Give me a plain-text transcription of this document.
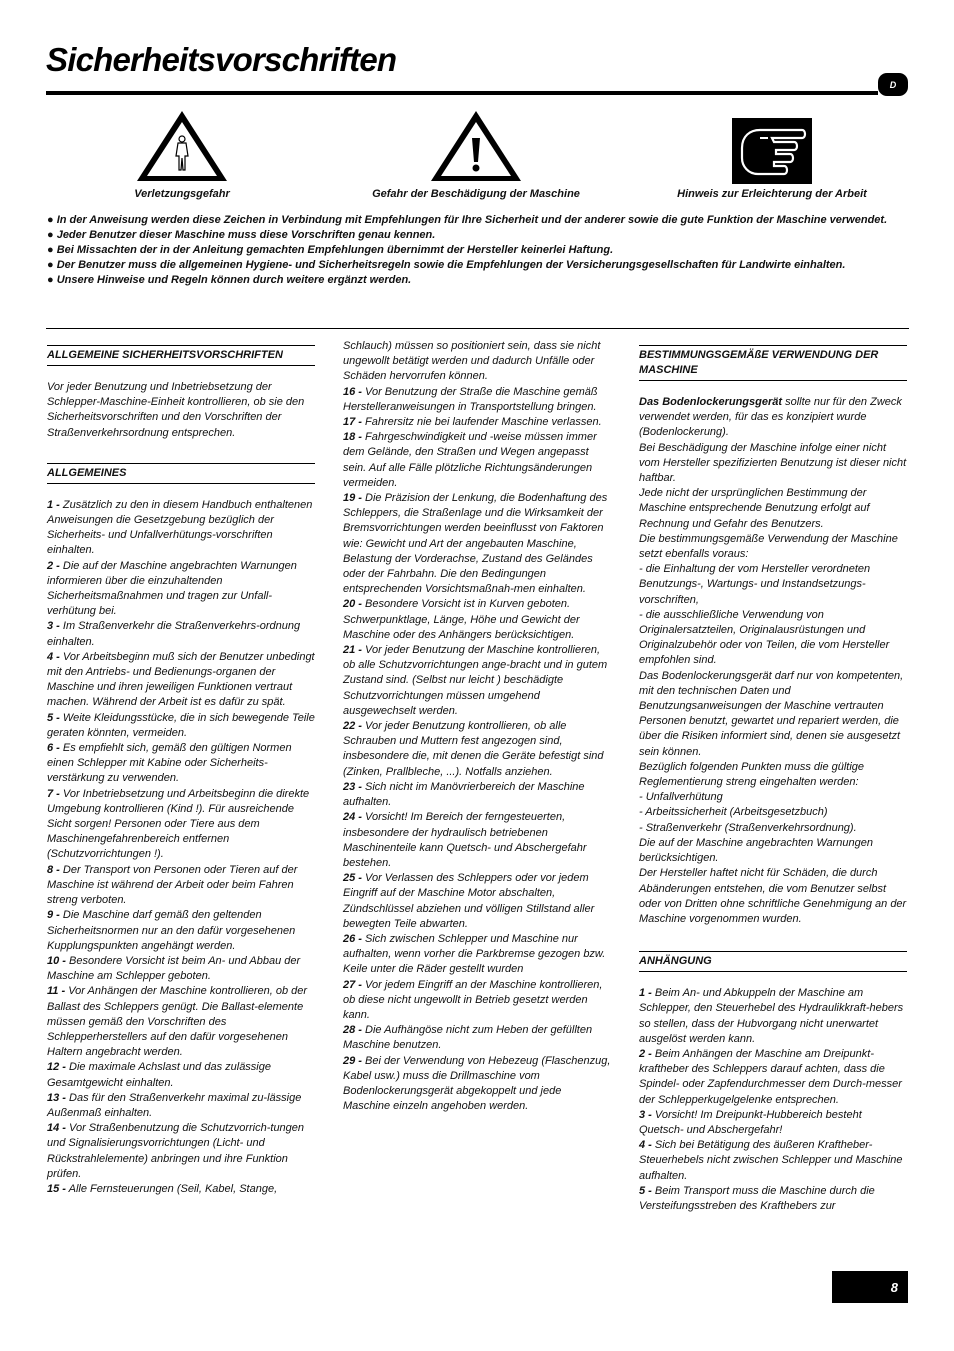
Sicherheitsvorschriften
D
Verletzungsgefahr	Gefahr der Beschädigung der Maschine	Hinweis zur Erleichterung der Arbeit

● In der Anweisung werden diese Zeichen in Verbindung mit Empfehlungen für Ihre Sicherheit und der anderer sowie die gute Funktion der Maschine verwendet.

● Jeder Benutzer dieser Maschine muss diese Vorschriften genau kennen.

● Bei Missachten der in der Anleitung gemachten Empfehlungen übernimmt der Hersteller keinerlei Haftung.

● Der Benutzer muss die allgemeinen Hygiene- und Sicherheitsregeln sowie die Empfehlungen der Versicherungsgesellschaften für Landwirte einhalten.

● Unsere Hinweise und Regeln können durch weitere ergänzt werden.

ALLGEMEINE SICHERHEITSVORSCHRIFTEN

Vor jeder Benutzung und Inbetriebsetzung der Schlepper-Maschine-Einheit kontrollieren, ob sie den Sicherheitsvorschriften und den Vorschriften der Straßenverkehrsordnung entsprechen.

ALLGEMEINES

1 - Zusätzlich zu den in diesem Handbuch enthaltenen Anweisungen die Gesetzgebung bezüglich der Sicherheits- und Unfallverhütungs-vorschriften einhalten.

2 - Die auf der Maschine angebrachten Warnungen informieren über die einzuhaltenden Sicherheitsmaßnahmen und tragen zur Unfall-verhütung bei.

3 - Im Straßenverkehr die Straßenverkehrs-ordnung einhalten.

4 - Vor Arbeitsbeginn muß sich der Benutzer unbedingt mit den Antriebs- und Bedienungs-organen der Maschine und ihren jeweiligen Funktionen vertraut machen. Während der Arbeit ist es dafür zu spät.

5 - Weite Kleidungsstücke, die in sich bewegende Teile geraten könnten, vermeiden.

6 - Es empfiehlt sich, gemäß den gültigen Normen einen Schlepper mit Kabine oder Sicherheits-verstärkung zu verwenden.

7 - Vor Inbetriebsetzung und Arbeitsbeginn die direkte Umgebung kontrollieren (Kind !). Für ausreichende Sicht sorgen! Personen oder Tiere aus dem Maschinengefahrenbereich entfernen (Schutzvorrichtungen !).

8 - Der Transport von Personen oder Tieren auf der Maschine ist während der Arbeit oder beim Fahren streng verboten.

9 - Die Maschine darf gemäß den geltenden Sicherheitsnormen nur an den dafür vorgesehenen Kupplungspunkten angehängt werden.

10 - Besondere Vorsicht ist beim An- und Abbau der Maschine am Schlepper geboten.

11 - Vor Anhängen der Maschine kontrollieren, ob der Ballast des Schleppers genügt. Die Ballast-elemente müssen gemäß den Vorschriften des Schlepperherstellers auf den dafür vorgesehenen Haltern angebracht werden.

12 - Die maximale Achslast und das zulässige Gesamtgewicht einhalten.

13 - Das für den Straßenverkehr maximal zu-lässige Außenmaß einhalten.

14 - Vor Straßenbenutzung die Schutzvorrich-tungen und Signalisierungsvorrichtungen (Licht- und Rückstrahlelemente) anbringen und ihre Funktion prüfen.

15 - Alle Fernsteuerungen (Seil, Kabel, Stange,

Schlauch) müssen so positioniert sein, dass sie nicht ungewollt betätigt werden und dadurch Unfälle oder Schäden hervorrufen können.

16 - Vor Benutzung der Straße die Maschine gemäß Herstelleranweisungen in Transportstellung bringen.

17 - Fahrersitz nie bei laufender Maschine verlassen.

18 - Fahrgeschwindigkeit und -weise müssen immer dem Gelände, den Straßen und Wegen angepasst sein. Auf alle Fälle plötzliche Richtungsänderungen vermeiden.

19 - Die Präzision der Lenkung, die Bodenhaftung des Schleppers, die Straßenlage und die Wirksamkeit der Bremsvorrichtungen werden beeinflusst von Faktoren wie: Gewicht und Art der angebauten Maschine, Belastung der Vorderachse, Zustand des Geländes oder der Fahrbahn. Die den Bedingungen entsprechenden Vorsichtsmaßnah-men einhalten.

20 - Besondere Vorsicht ist in Kurven geboten. Schwerpunktlage, Länge, Höhe und Gewicht der Maschine oder des Anhängers berücksichtigen.

21 - Vor jeder Benutzung der Maschine kontrollieren, ob alle Schutzvorrichtungen ange-bracht und in gutem Zustand sind. (Selbst nur leicht ) beschädigte Schutzvorrichtungen müssen umgehend ausgewechselt werden.

22 - Vor jeder Benutzung kontrollieren, ob alle Schrauben und Muttern fest angezogen sind, insbesondere die, mit denen die Geräte befestigt sind (Zinken, Prallbleche, ...). Notfalls anziehen.

23 - Sich nicht im Manövrierbereich der Maschine aufhalten.

24 - Vorsicht! Im Bereich der ferngesteuerten, insbesondere der hydraulisch betriebenen Maschinenteile kann Quetsch- und Abschergefahr bestehen.

25 - Vor Verlassen des Schleppers oder vor jedem Eingriff auf der Maschine Motor abschalten, Zündschlüssel abziehen und völligen Stillstand aller bewegten Teile abwarten.

26 - Sich zwischen Schlepper und Maschine nur aufhalten, wenn vorher die Parkbremse gezogen bzw. Keile unter die Räder gestellt wurden

27 - Vor jedem Eingriff an der Maschine kontrollieren, ob diese nicht ungewollt in Betrieb gesetzt werden kann.

28 - Die Aufhängöse nicht zum Heben der gefüllten Maschine benutzen.

29 - Bei der Verwendung von Hebezeug (Flaschenzug, Kabel usw.) muss die Drillmaschine vom Bodenlockerungsgerät abgekoppelt und jede Maschine einzeln angehoben werden.

BESTIMMUNGSGEMÄßE VERWENDUNG DER MASCHINE

Das Bodenlockerungsgerät sollte nur für den Zweck verwendet werden, für das es konzipiert wurde (Bodenlockerung).

Bei Beschädigung der Maschine infolge einer nicht vom Hersteller spezifizierten Benutzung ist dieser nicht haftbar.

Jede nicht der ursprünglichen Bestimmung der Maschine entsprechende Benutzung erfolgt auf Rechnung und Gefahr des Benutzers.

Die bestimmungsgemäße Verwendung der Maschine setzt ebenfalls voraus:

- die Einhaltung der vom Hersteller verordneten Benutzungs-, Wartungs- und Instandsetzungs-vorschriften,

- die ausschließliche Verwendung von Originalersatzteilen, Originalausrüstungen und Originalzubehör oder von Teilen, die vom Hersteller empfohlen sind.

Das Bodenlockerungsgerät darf nur von kompetenten, mit den technischen Daten und Benutzungsanweisungen der Maschine vertrauten Personen benutzt, gewartet und repariert werden, die über die Risiken informiert sind, denen sie ausgesetzt sein können.

Bezüglich folgenden Punkten muss die gültige Reglementierung streng eingehalten werden:

- Unfallverhütung

- Arbeitssicherheit (Arbeitsgesetzbuch)

- Straßenverkehr (Straßenverkehrsordnung).

Die auf der Maschine angebrachten Warnungen berücksichtigen.

Der Hersteller haftet nicht für Schäden, die durch Abänderungen entstehen, die vom Benutzer selbst oder von Dritten ohne schriftliche Genehmigung an der Maschine vorgenommen wurden.

ANHÄNGUNG

1 - Beim An- und Abkuppeln der Maschine am Schlepper, den Steuerhebel des Hydraulikkraft-hebers so stellen, dass der Hubvorgang nicht unerwartet ausgelöst werden kann.

2 - Beim Anhängen der Maschine am Dreipunkt-kraftheber des Schleppers darauf achten, dass die Spindel- oder Zapfendurchmesser dem Durch-messer der Schlepperkugelgelenke entsprechen.

3 - Vorsicht! Im Dreipunkt-Hubbereich besteht Quetsch- und Abschergefahr!

4 - Sich bei Betätigung des äußeren Kraftheber-Steuerhebels nicht zwischen Schlepper und Maschine aufhalten.

5 - Beim Transport muss die Maschine durch die Versteifungsstreben des Krafthebers zur

8
